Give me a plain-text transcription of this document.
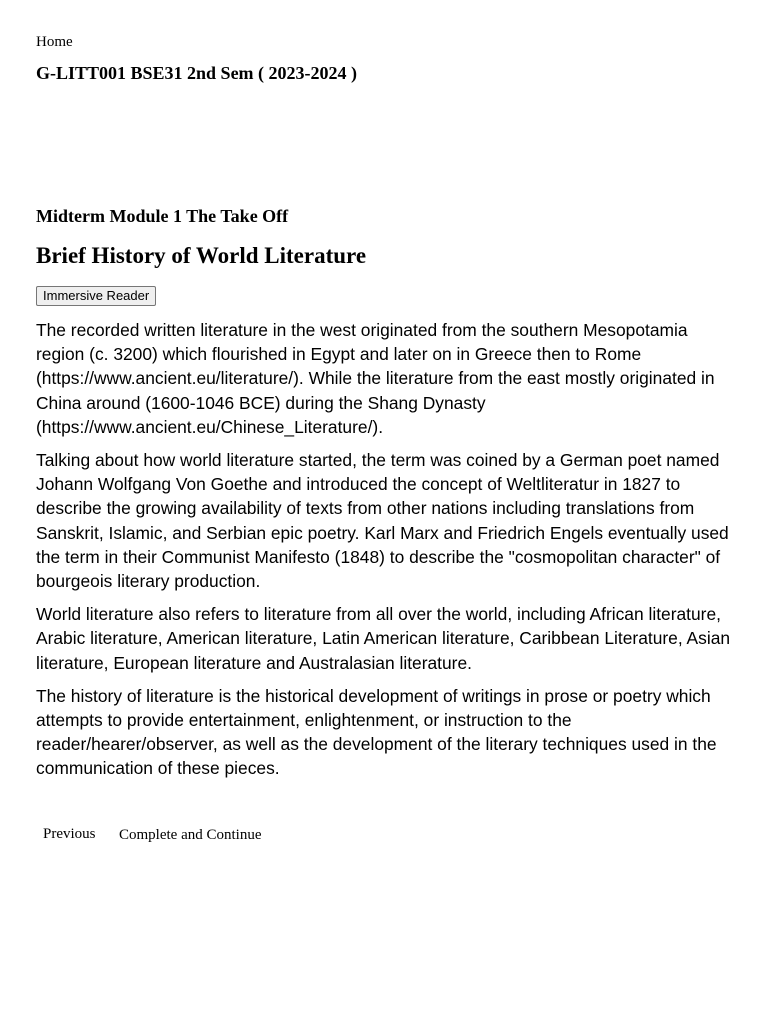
Home
G-LITT001 BSE31 2nd Sem ( 2023-2024 )
Midterm Module 1 The Take Off
Brief History of World Literature
Immersive Reader

The recorded written literature in the west originated from the southern Mesopotamia region (c. 3200) which flourished in Egypt and later on in Greece then to Rome (https://www.ancient.eu/literature/). While the literature from the east mostly originated in China around (1600-1046 BCE) during the Shang Dynasty (https://www.ancient.eu/Chinese_Literature/).

Talking about how world literature started, the term was coined by a German poet named Johann Wolfgang Von Goethe and introduced the concept of Weltliteratur in 1827 to describe the growing availability of texts from other nations including translations from Sanskrit, Islamic, and Serbian epic poetry. Karl Marx and Friedrich Engels eventually used the term in their Communist Manifesto (1848) to describe the "cosmopolitan character" of bourgeois literary production.

World literature also refers to literature from all over the world, including African literature, Arabic literature, American literature, Latin American literature, Caribbean Literature, Asian literature, European literature and Australasian literature.

The history of literature is the historical development of writings in prose or poetry which attempts to provide entertainment, enlightenment, or instruction to the reader/hearer/observer, as well as the development of the literary techniques used in the communication of these pieces.

Previous Complete and Continue
